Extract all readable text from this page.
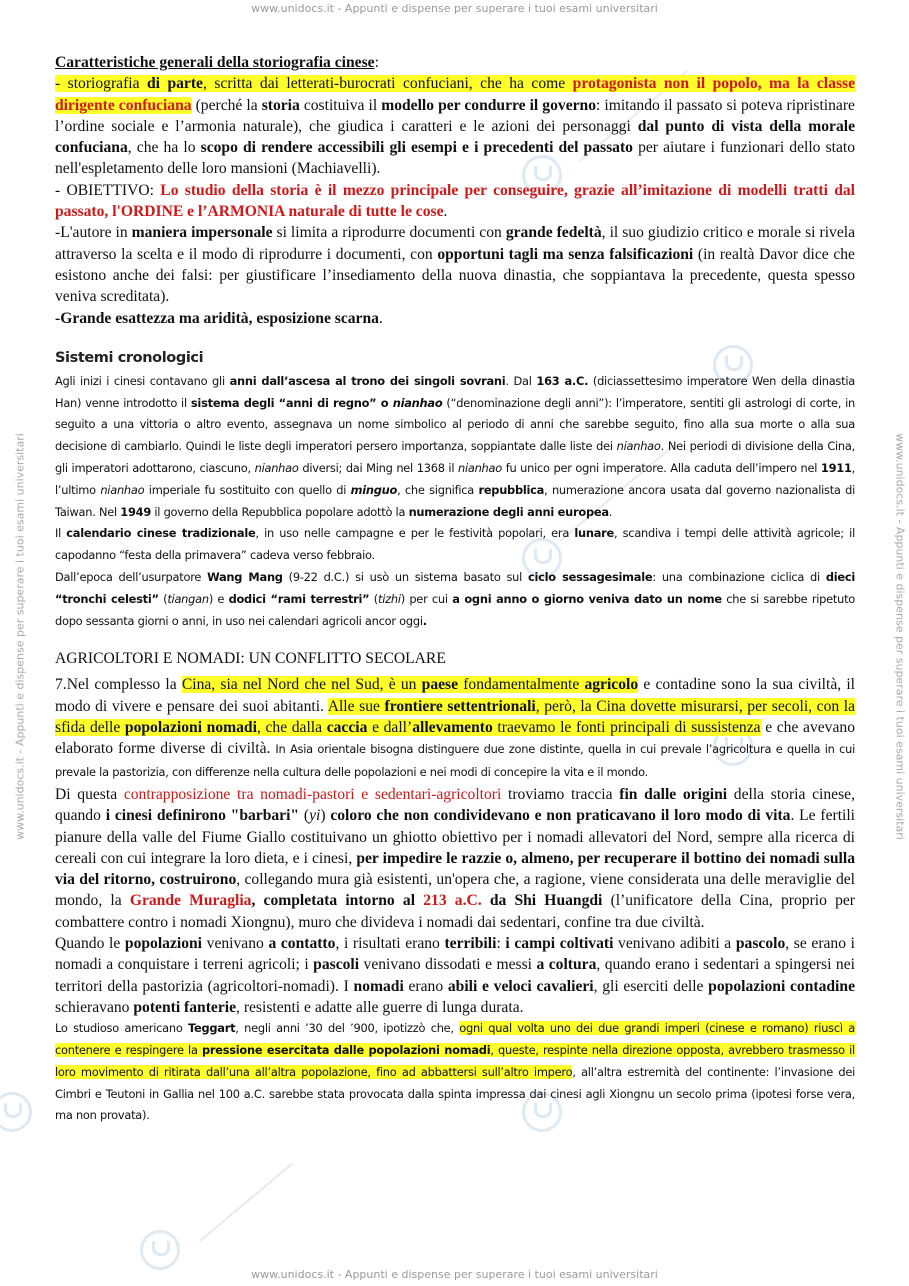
www.unidocs.it - Appunti e dispense per superare i tuoi esami universitari
www.unidocs.it - Appunti e dispense per superare i tuoi esami universitari
www.unidocs.it - Appunti e dispense per superare i tuoi esami universitari	www.unidocs.it - Appunti e dispense per superare i tuoi esami universitari

Caratteristiche generali della storiografia cinese:

- storiografia di parte, scritta dai letterati-burocrati confuciani, che ha come protagonista non il popolo, ma la classe dirigente confuciana (perché la storia costituiva il modello per condurre il governo: imitando il passato si poteva ripristinare l’ordine sociale e l’armonia naturale), che giudica i caratteri e le azioni dei personaggi dal punto di vista della morale confuciana, che ha lo scopo di rendere accessibili gli esempi e i precedenti del passato per aiutare i funzionari dello stato nell'espletamento delle loro mansioni (Machiavelli).

- OBIETTIVO: Lo studio della storia è il mezzo principale per conseguire, grazie all’imitazione di modelli tratti dal passato, l'ORDINE e l’ARMONIA naturale di tutte le cose.

-L'autore in maniera impersonale si limita a riprodurre documenti con grande fedeltà, il suo giudizio critico e morale si rivela attraverso la scelta e il modo di riprodurre i documenti, con opportuni tagli ma senza falsificazioni (in realtà Davor dice che esistono anche dei falsi: per giustificare l’insediamento della nuova dinastia, che soppiantava la precedente, questa spesso veniva screditata).

-Grande esattezza ma aridità, esposizione scarna.

Sistemi cronologici

Agli inizi i cinesi contavano gli anni dall’ascesa al trono dei singoli sovrani. Dal 163 a.C. (diciassettesimo imperatore Wen della dinastia Han) venne introdotto il sistema degli “anni di regno” o nianhao (“denominazione degli anni”): l’imperatore, sentiti gli astrologi di corte, in seguito a una vittoria o altro evento, assegnava un nome simbolico al periodo di anni che sarebbe seguito, fino alla sua morte o alla sua decisione di cambiarlo. Quindi le liste degli imperatori persero importanza, soppiantate dalle liste dei nianhao. Nei periodi di divisione della Cina, gli imperatori adottarono, ciascuno, nianhao diversi; dai Ming nel 1368 il nianhao fu unico per ogni imperatore. Alla caduta dell’impero nel 1911, l’ultimo nianhao imperiale fu sostituito con quello di minguo, che significa repubblica, numerazione ancora usata dal governo nazionalista di Taiwan. Nel 1949 il governo della Repubblica popolare adottò la numerazione degli anni europea.

Il calendario cinese tradizionale, in uso nelle campagne e per le festività popolari, era lunare, scandiva i tempi delle attività agricole; il capodanno “festa della primavera” cadeva verso febbraio.

Dall’epoca dell’usurpatore Wang Mang (9-22 d.C.) si usò un sistema basato sul ciclo sessagesimale: una combinazione ciclica di dieci “tronchi celesti” (tiangan) e dodici “rami terrestri” (tizhi) per cui a ogni anno o giorno veniva dato un nome che si sarebbe ripetuto dopo sessanta giorni o anni, in uso nei calendari agricoli ancor oggi.

AGRICOLTORI E NOMADI: UN CONFLITTO SECOLARE

7.Nel complesso la Cina, sia nel Nord che nel Sud, è un paese fondamentalmente agricolo e contadine sono la sua civiltà, il modo di vivere e pensare dei suoi abitanti. Alle sue frontiere settentrionali, però, la Cina dovette misurarsi, per secoli, con la sfida delle popolazioni nomadi, che dalla caccia e dall’allevamento traevamo le fonti principali di sussistenza e che avevano elaborato forme diverse di civiltà. In Asia orientale bisogna distinguere due zone distinte, quella in cui prevale l’agricoltura e quella in cui prevale la pastorizia, con differenze nella cultura delle popolazioni e nei modi di concepire la vita e il mondo.

Di questa contrapposizione tra nomadi-pastori e sedentari-agricoltori troviamo traccia fin dalle origini della storia cinese, quando i cinesi definirono "barbari" (yi) coloro che non condividevano e non praticavano il loro modo di vita. Le fertili pianure della valle del Fiume Giallo costituivano un ghiotto obiettivo per i nomadi allevatori del Nord, sempre alla ricerca di cereali con cui integrare la loro dieta, e i cinesi, per impedire le razzie o, almeno, per recuperare il bottino dei nomadi sulla via del ritorno, costruirono, collegando mura già esistenti, un'opera che, a ragione, viene considerata una delle meraviglie del mondo, la Grande Muraglia, completata intorno al 213 a.C. da Shi Huangdi (l’unificatore della Cina, proprio per combattere contro i nomadi Xiongnu), muro che divideva i nomadi dai sedentari, confine tra due civiltà.

Quando le popolazioni venivano a contatto, i risultati erano terribili: i campi coltivati venivano adibiti a pascolo, se erano i nomadi a conquistare i terreni agricoli; i pascoli venivano dissodati e messi a coltura, quando erano i sedentari a spingersi nei territori della pastorizia (agricoltori-nomadi). I nomadi erano abili e veloci cavalieri, gli eserciti delle popolazioni contadine schieravano potenti fanterie, resistenti e adatte alle guerre di lunga durata.

Lo studioso americano Teggart, negli anni ’30 del ’900, ipotizzò che, ogni qual volta uno dei due grandi imperi (cinese e romano) riuscì a contenere e respingere la pressione esercitata dalle popolazioni nomadi, queste, respinte nella direzione opposta, avrebbero trasmesso il loro movimento di ritirata dall’una all’altra popolazione, fino ad abbattersi sull’altro impero, all’altra estremità del continente: l’invasione dei Cimbri e Teutoni in Gallia nel 100 a.C. sarebbe stata provocata dalla spinta impressa dai cinesi agli Xiongnu un secolo prima (ipotesi forse vera, ma non provata).
